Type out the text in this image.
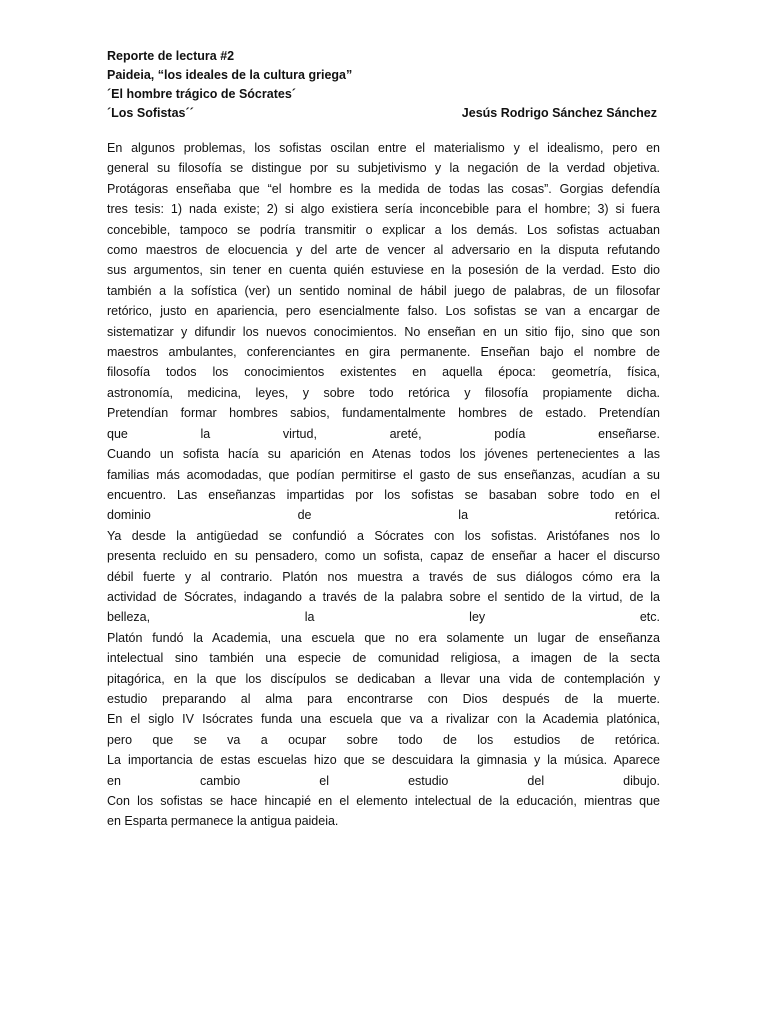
Reporte de lectura #2
Paideia, “los ideales de la cultura griega”
´El hombre trágico de Sócrates´
´Los Sofistas´´	Jesús Rodrigo Sánchez Sánchez
En algunos problemas, los sofistas oscilan entre el materialismo y el idealismo, pero en
general su filosofía se distingue por su subjetivismo y la negación de la verdad objetiva.
Protágoras enseñaba que “el hombre es la medida de todas las cosas”. Gorgias defendía
tres tesis: 1) nada existe; 2) si algo existiera sería inconcebible para el hombre; 3) si fuera
concebible, tampoco se podría transmitir o explicar a los demás. Los sofistas actuaban
como maestros de elocuencia y del arte de vencer al adversario en la disputa refutando
sus argumentos, sin tener en cuenta quién estuviese en la posesión de la verdad. Esto dio
también a la sofística (ver) un sentido nominal de hábil juego de palabras, de un filosofar
retórico, justo en apariencia, pero esencialmente falso. Los sofistas se van a encargar de
sistematizar y difundir los nuevos conocimientos. No enseñan en un sitio fijo, sino que son
maestros ambulantes, conferenciantes en gira permanente. Enseñan bajo el nombre de
filosofía todos los conocimientos existentes en aquella época: geometría, física,
astronomía, medicina, leyes, y sobre todo retórica y filosofía propiamente dicha.
Pretendían formar hombres sabios, fundamentalmente hombres de estado. Pretendían
que la virtud, areté, podía enseñarse.
Cuando un sofista hacía su aparición en Atenas todos los jóvenes pertenecientes a las
familias más acomodadas, que podían permitirse el gasto de sus enseñanzas, acudían a su
encuentro. Las enseñanzas impartidas por los sofistas se basaban sobre todo en el
dominio de la retórica.
Ya desde la antigüedad se confundió a Sócrates con los sofistas. Aristófanes nos lo
presenta recluido en su pensadero, como un sofista, capaz de enseñar a hacer el discurso
débil fuerte y al contrario. Platón nos muestra a través de sus diálogos cómo era la
actividad de Sócrates, indagando a través de la palabra sobre el sentido de la virtud, de la
belleza, la ley etc.
Platón fundó la Academia, una escuela que no era solamente un lugar de enseñanza
intelectual sino también una especie de comunidad religiosa, a imagen de la secta
pitagórica, en la que los discípulos se dedicaban a llevar una vida de contemplación y
estudio preparando al alma para encontrarse con Dios después de la muerte.
En el siglo IV Isócrates funda una escuela que va a rivalizar con la Academia platónica,
pero que se va a ocupar sobre todo de los estudios de retórica.
La importancia de estas escuelas hizo que se descuidara la gimnasia y la música. Aparece
en cambio el estudio del dibujo.
Con los sofistas se hace hincapié en el elemento intelectual de la educación, mientras que
en Esparta permanece la antigua paideia.
